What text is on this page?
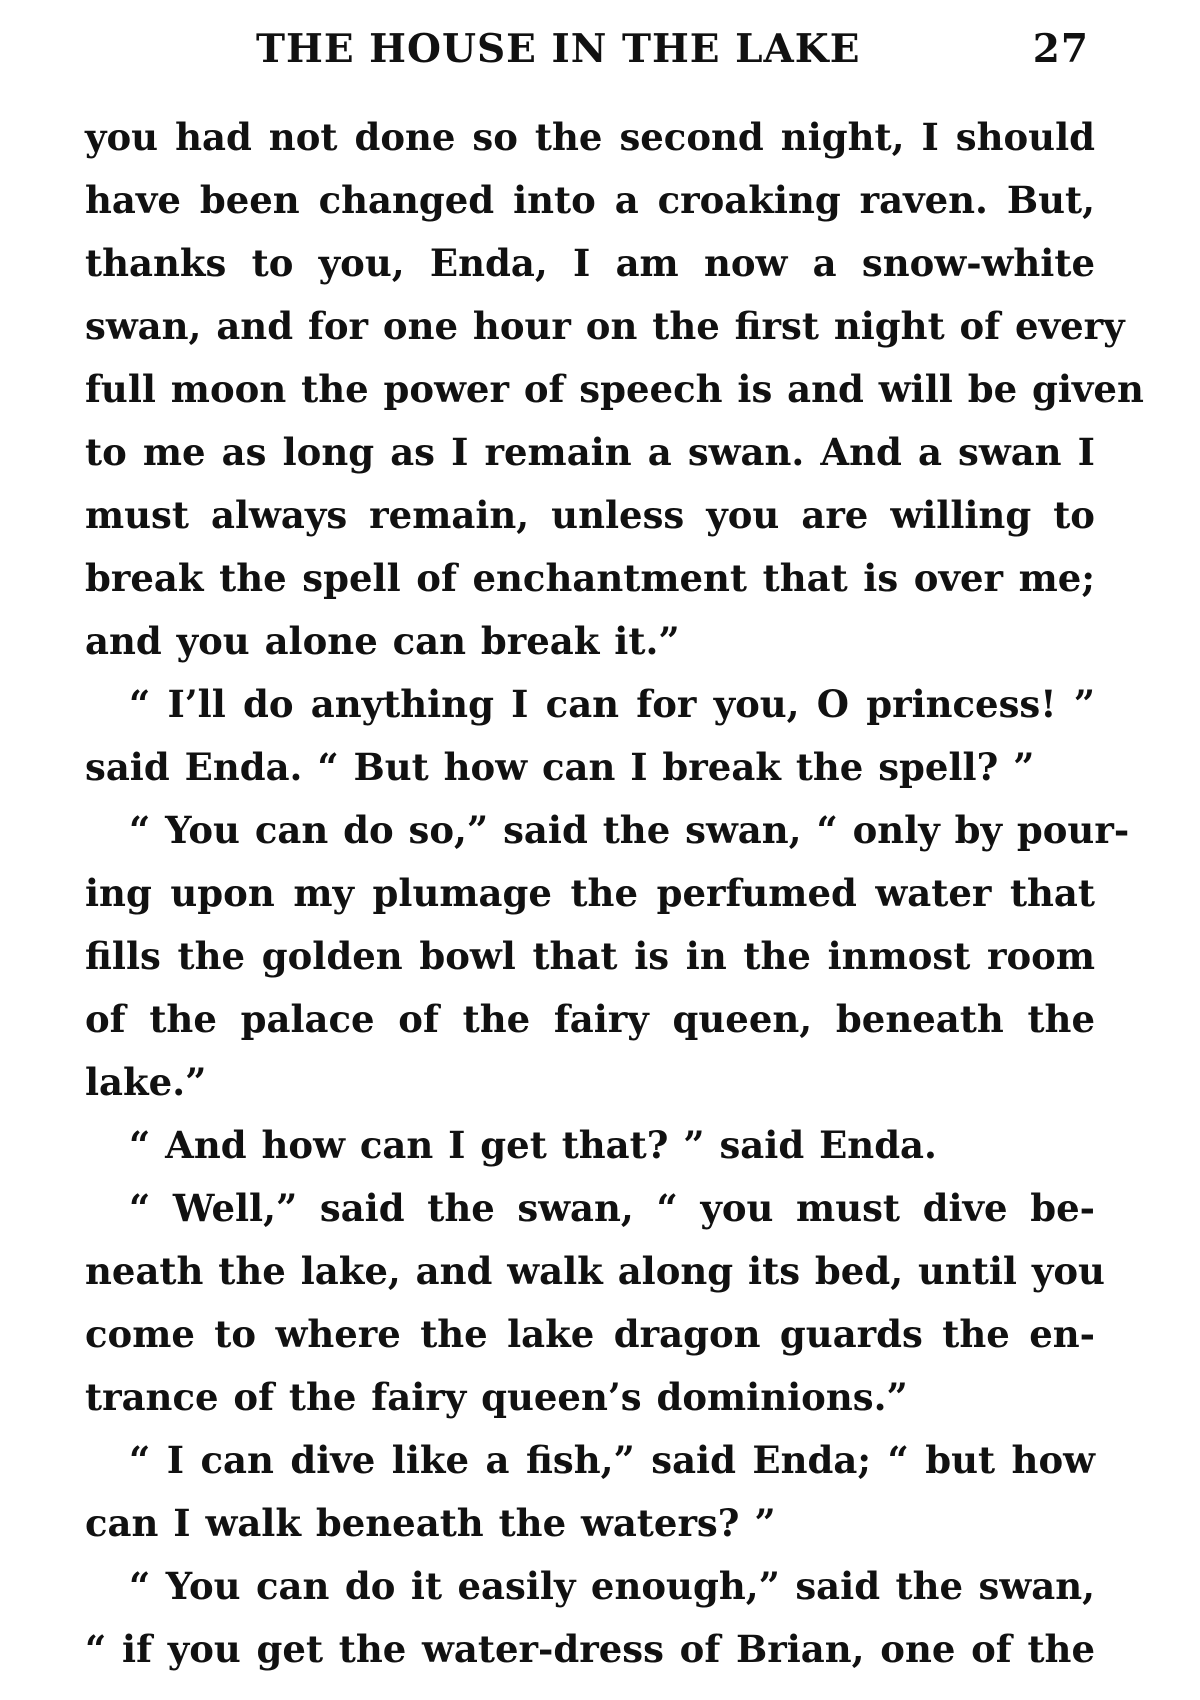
THE HOUSE IN THE LAKE	27
you had not done so the second night, I should
have been changed into a croaking raven. But,
thanks to you, Enda, I am now a snow-white
swan, and for one hour on the first night of every
full moon the power of speech is and will be given
to me as long as I remain a swan. And a swan I
must always remain, unless you are willing to
break the spell of enchantment that is over me;
and you alone can break it.”
“ I’ll do anything I can for you, O princess! ”
said Enda. “ But how can I break the spell? ”
“ You can do so,” said the swan, “ only by pour-
ing upon my plumage the perfumed water that
fills the golden bowl that is in the inmost room
of the palace of the fairy queen, beneath the
lake.”
“ And how can I get that? ” said Enda.
“ Well,” said the swan, “ you must dive be-
neath the lake, and walk along its bed, until you
come to where the lake dragon guards the en-
trance of the fairy queen’s dominions.”
“ I can dive like a fish,” said Enda; “ but how
can I walk beneath the waters? ”
“ You can do it easily enough,” said the swan,
“ if you get the water-dress of Brian, one of the
